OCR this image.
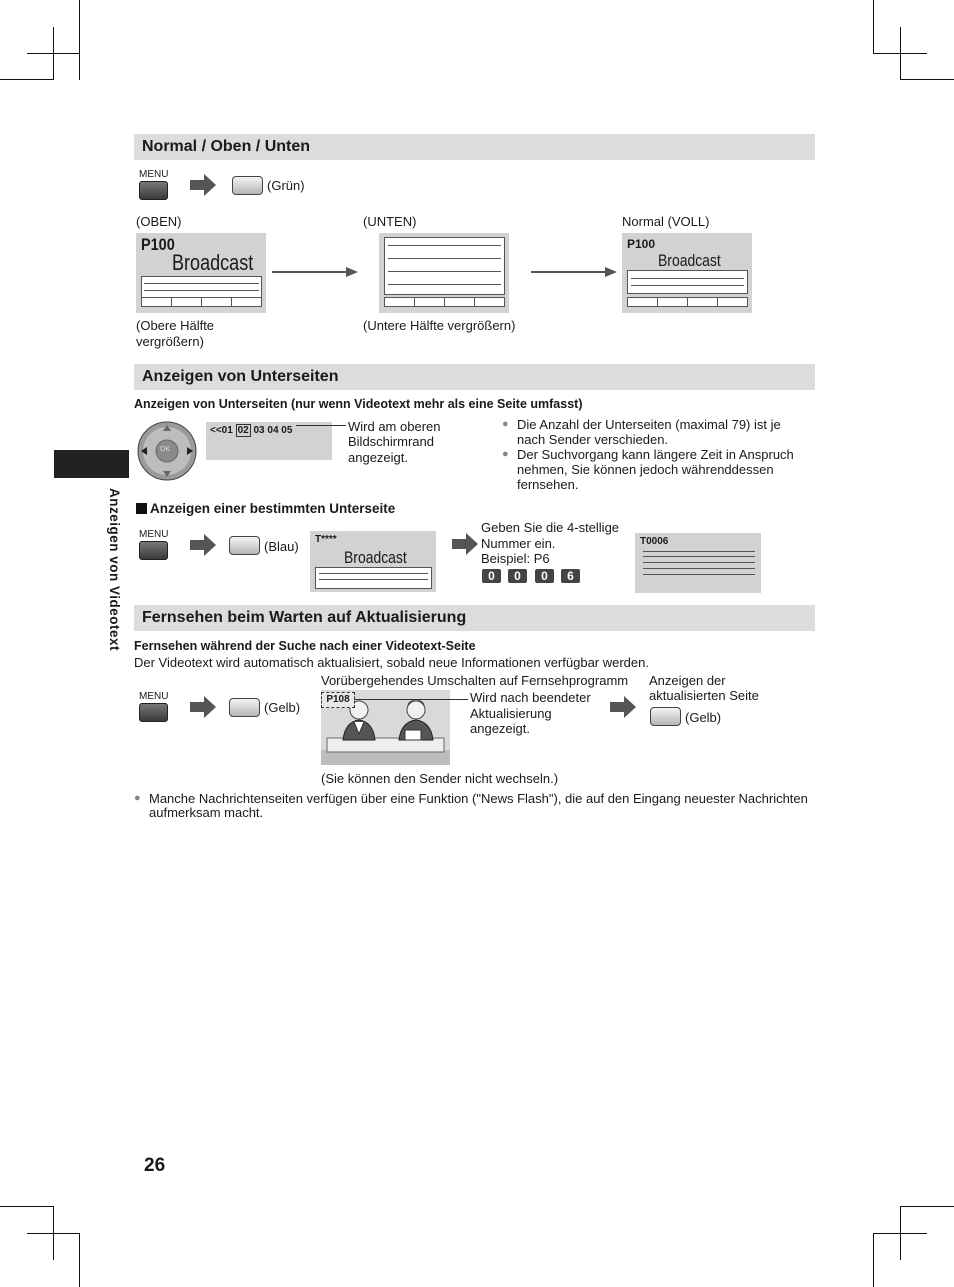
Anzeigen von Videotext
Normal / Oben / Unten
MENU
(Grün)
(OBEN)	(UNTEN)	Normal (VOLL)
P100
Broadcast
P100
Broadcast
(Obere Hälfte
vergrößern)
(Untere Hälfte vergrößern)
Anzeigen von Unterseiten
Anzeigen von Unterseiten (nur wenn Videotext mehr als eine Seite umfasst)
OK
<<01 02 03 04 05	Wird am oberen
Bildschirmrand
angezeigt.
● Die Anzahl der Unterseiten (maximal 79) ist je
nach Sender verschieden.
● Der Suchvorgang kann längere Zeit in Anspruch
nehmen, Sie können jedoch währenddessen
fernsehen.
Anzeigen einer bestimmten Unterseite
MENU
(Blau) T****
Broadcast
Geben Sie die 4-stellige
Nummer ein.
Beispiel: P6
0	0	0	6
T0006
Fernsehen beim Warten auf Aktualisierung
Fernsehen während der Suche nach einer Videotext-Seite
Der Videotext wird automatisch aktualisiert, sobald neue Informationen verfügbar werden.
Vorübergehendes Umschalten auf Fernsehprogramm
MENU
(Gelb)
P108	Wird nach beendeter
Aktualisierung
angezeigt.
Anzeigen der
aktualisierten Seite
(Gelb)
(Sie können den Sender nicht wechseln.)
● Manche Nachrichtenseiten verfügen über eine Funktion ("News Flash"), die auf den Eingang neuester Nachrichten
aufmerksam macht.
26
